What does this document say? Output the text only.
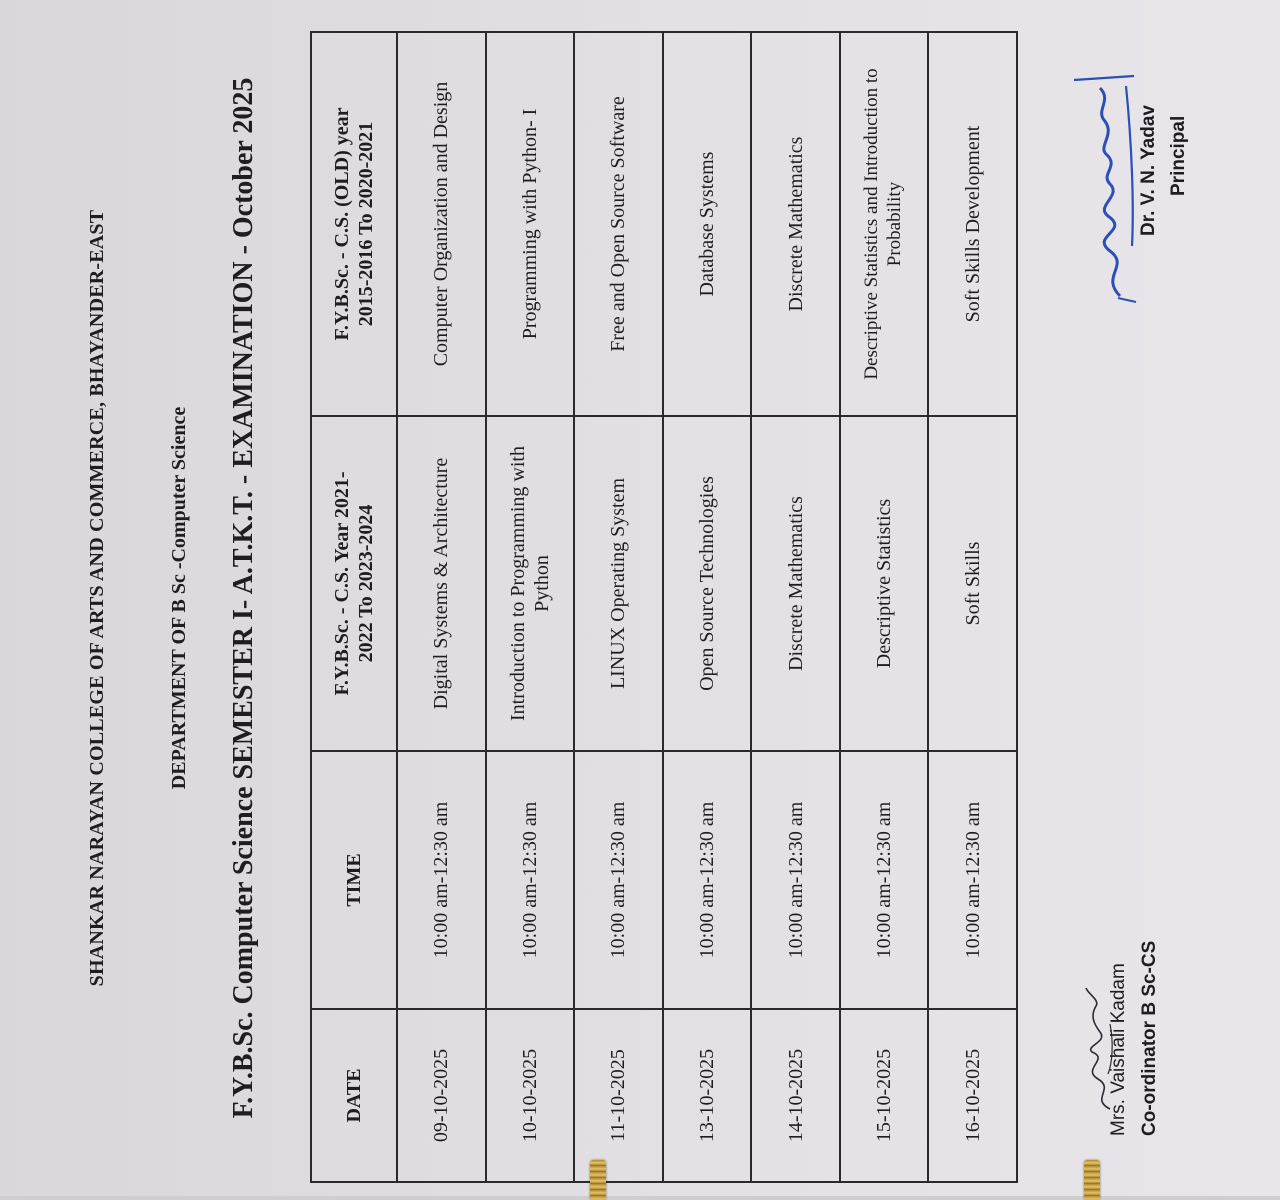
SHANKAR NARAYAN COLLEGE OF ARTS AND COMMERCE, BHAYANDER-EAST	DEPARTMENT OF B Sc -Computer Science F.Y.B.Sc. Computer Science SEMESTER I- A.T.K.T. - EXAMINATION - October 2025	DATE	TIME	F.Y.B.Sc. - C.S. Year 2021- 2022 To 2023-2024	F.Y.B.Sc. - C.S. (OLD) year 2015-2016 To 2020-2021
09-10-2025	10:00 am-12:30 am	Digital Systems & Architecture	Computer Organization and Design
10-10-2025	10:00 am-12:30 am	Introduction to Programming with Python	Programming with Python- I
11-10-2025	10:00 am-12:30 am	LINUX Operating System	Free and Open Source Software
13-10-2025	10:00 am-12:30 am	Open Source Technologies	Database Systems
14-10-2025	10:00 am-12:30 am	Discrete Mathematics	Discrete Mathematics
15-10-2025	10:00 am-12:30 am	Descriptive Statistics	Descriptive Statistics and Introduction to Probability
16-10-2025	10:00 am-12:30 am	Soft Skills	Soft Skills Development
Mrs. Vaishali Kadam Co-ordinator B Sc-CS
Dr. V. N. Yadav Principal
